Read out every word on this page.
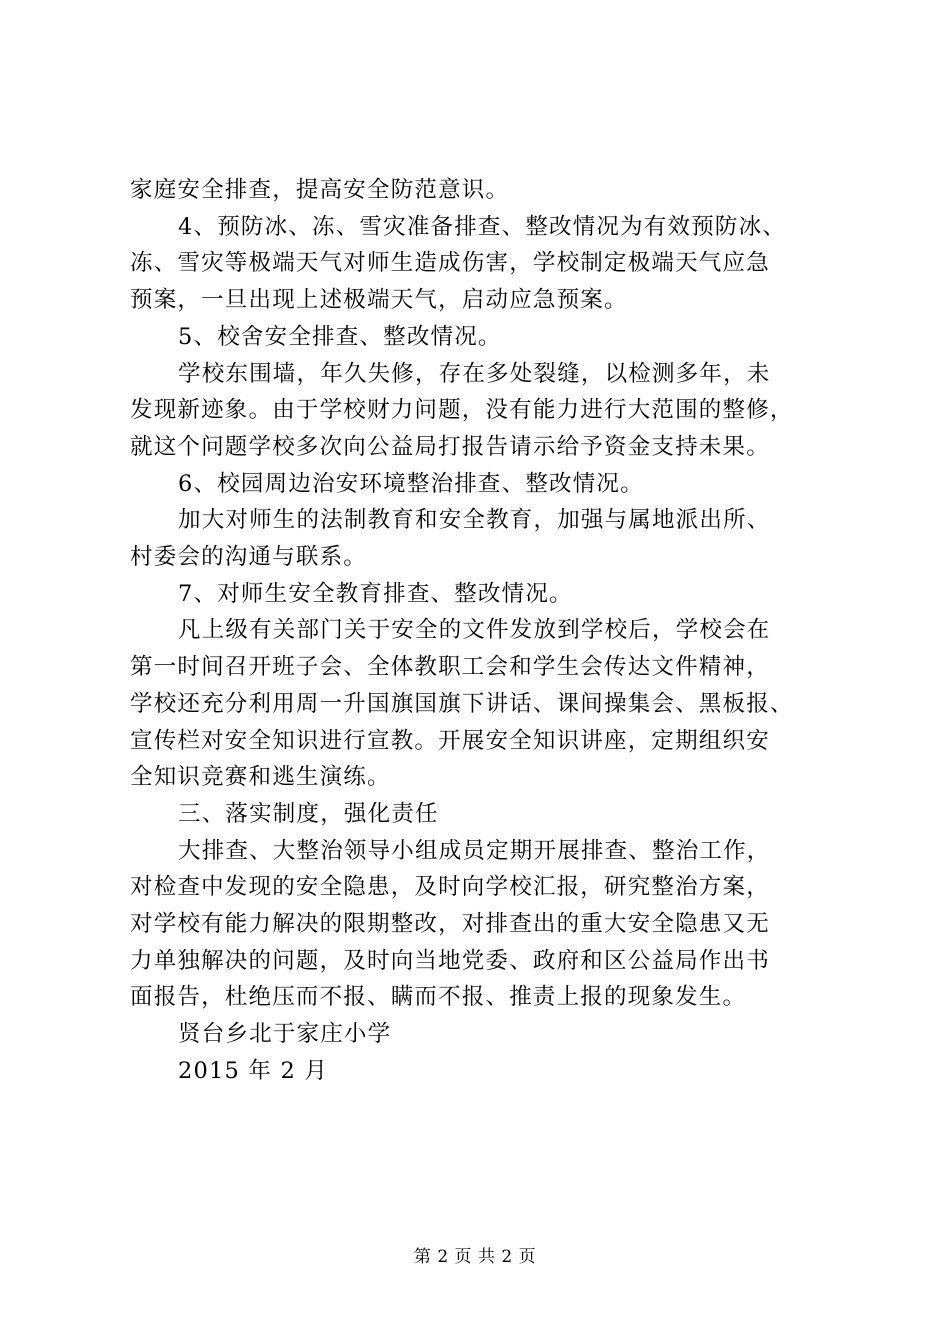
家庭安全排查，提高安全防范意识。

4、预防冰、冻、雪灾准备排查、整改情况为有效预防冰、

冻、雪灾等极端天气对师生造成伤害，学校制定极端天气应急

预案，一旦出现上述极端天气，启动应急预案。

5、校舍安全排查、整改情况。

学校东围墙，年久失修，存在多处裂缝，以检测多年，未

发现新迹象。由于学校财力问题，没有能力进行大范围的整修，

就这个问题学校多次向公益局打报告请示给予资金支持未果。

6、校园周边治安环境整治排查、整改情况。

加大对师生的法制教育和安全教育，加强与属地派出所、

村委会的沟通与联系。

7、对师生安全教育排查、整改情况。

凡上级有关部门关于安全的文件发放到学校后，学校会在

第一时间召开班子会、全体教职工会和学生会传达文件精神，

学校还充分利用周一升国旗国旗下讲话、课间操集会、黑板报、

宣传栏对安全知识进行宣教。开展安全知识讲座，定期组织安

全知识竞赛和逃生演练。

三、落实制度，强化责任

大排查、大整治领导小组成员定期开展排查、整治工作，

对检查中发现的安全隐患，及时向学校汇报，研究整治方案，

对学校有能力解决的限期整改，对排查出的重大安全隐患又无

力单独解决的问题，及时向当地党委、政府和区公益局作出书

面报告，杜绝压而不报、瞒而不报、推责上报的现象发生。

贤台乡北于家庄小学

2015 年 2 月

第 2 页 共 2 页
